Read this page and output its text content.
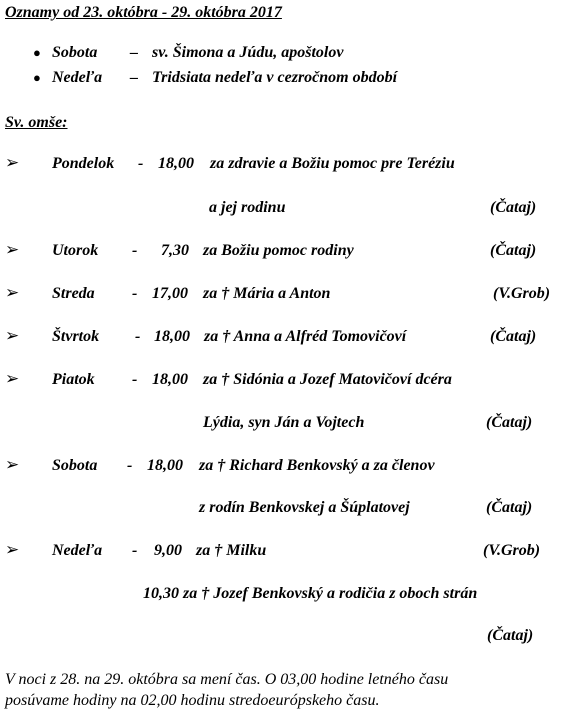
Oznamy od 23. októbra - 29. októbra 2017
● Sobota – sv. Šimona a Júdu, apoštolov
● Nedeľa – Tridsiata nedeľa v cezročnom období
Sv. omše:
➢ Pondelok - 18,00 za zdravie a Božiu pomoc pre Teréziu
a jej rodinu	(Čataj)
➢ Utorok - 7,30 za Božiu pomoc rodiny	(Čataj)
➢ Streda - 17,00 za † Mária a Anton	(V.Grob)
➢ Štvrtok - 18,00 za † Anna a Alfréd Tomovičoví	(Čataj)
➢ Piatok - 18,00 za † Sidónia a Jozef Matovičoví dcéra
Lýdia, syn Ján a Vojtech	(Čataj)
➢ Sobota - 18,00 za † Richard Benkovský a za členov
z rodín Benkovskej a Šúplatovej	(Čataj)
➢ Nedeľa - 9,00 za † Milku	(V.Grob)
10,30 za † Jozef Benkovský a rodičia z oboch strán
(Čataj)
V noci z 28. na 29. októbra sa mení čas. O 03,00 hodine letného času
posúvame hodiny na 02,00 hodinu stredoeurópskeho času.
